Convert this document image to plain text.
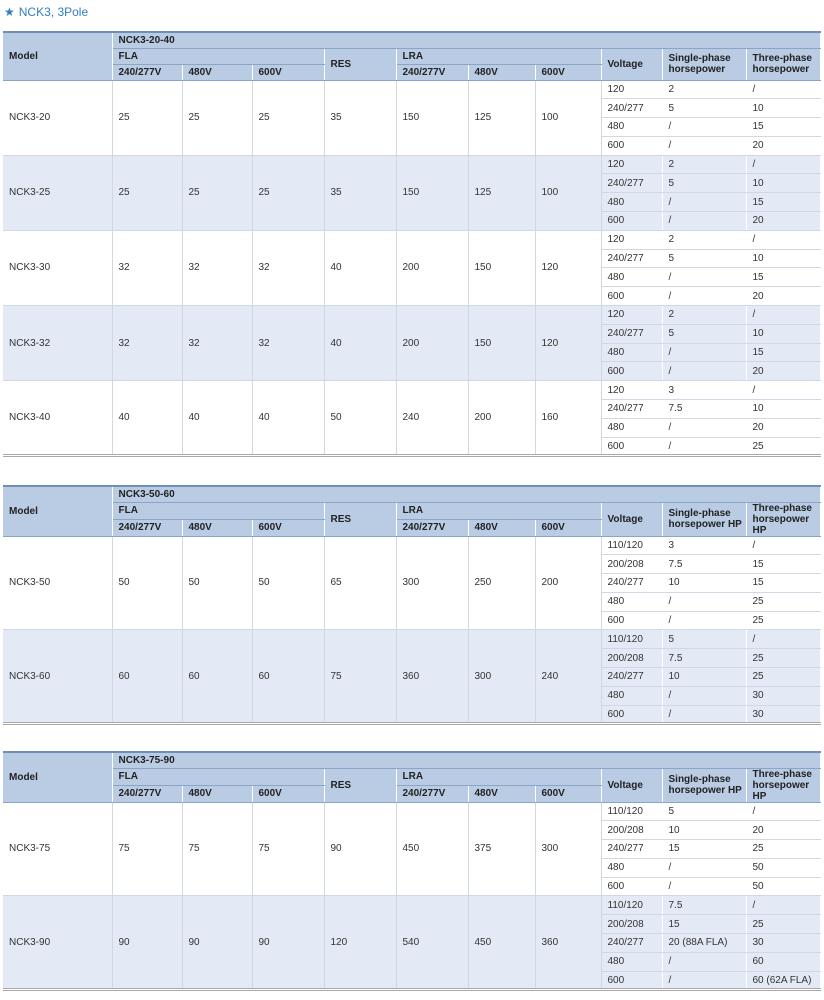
★ NCK3, 3Pole
Model	NCK3-20-40									
	FLA			RES	LRA			Voltage	Single-phase horsepower	Three-phase horsepower
	240/277V	480V	600V		240/277V	480V	600V			
NCK3-20	25	25	25	35	150	125	100	120	2	/
								240/277	5	10
								480	/	15
								600	/	20
NCK3-25	25	25	25	35	150	125	100	120	2	/
								240/277	5	10
								480	/	15
								600	/	20
NCK3-30	32	32	32	40	200	150	120	120	2	/
								240/277	5	10
								480	/	15
								600	/	20
NCK3-32	32	32	32	40	200	150	120	120	2	/
								240/277	5	10
								480	/	15
								600	/	20
NCK3-40	40	40	40	50	240	200	160	120	3	/
								240/277	7.5	10
								480	/	20
								600	/	25
Model	NCK3-50-60									
	FLA			RES	LRA			Voltage	Single-phase horsepower HP	Three-phase horsepower HP
	240/277V	480V	600V		240/277V	480V	600V			
NCK3-50	50	50	50	65	300	250	200	110/120	3	/
								200/208	7.5	15
								240/277	10	15
								480	/	25
								600	/	25
NCK3-60	60	60	60	75	360	300	240	110/120	5	/
								200/208	7.5	25
								240/277	10	25
								480	/	30
								600	/	30
Model	NCK3-75-90									
	FLA			RES	LRA			Voltage	Single-phase horsepower HP	Three-phase horsepower HP
	240/277V	480V	600V		240/277V	480V	600V			
NCK3-75	75	75	75	90	450	375	300	110/120	5	/
								200/208	10	20
								240/277	15	25
								480	/	50
								600	/	50
NCK3-90	90	90	90	120	540	450	360	110/120	7.5	/
								200/208	15	25
								240/277	20 (88A FLA)	30
								480	/	60
								600	/	60 (62A FLA)
